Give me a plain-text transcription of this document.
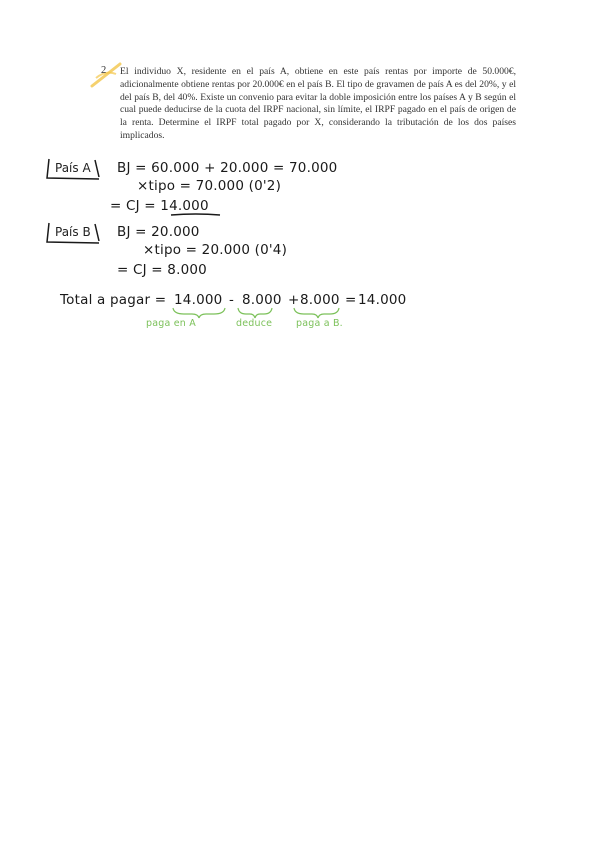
2 El individuo X, residente en el país A, obtiene en este país rentas por importe de 50.000€, adicionalmente obtiene rentas por 20.000€ en el país B. El tipo de gravamen de país A es del 20%, y el del país B, del 40%. Existe un convenio para evitar la doble imposición entre los países A y B según el cual puede deducirse de la cuota del IRPF nacional, sin límite, el IRPF pagado en el país de origen de la renta. Determine el IRPF total pagado por X, considerando la tributación de los dos países implicados.
País A BJ = 60.000 + 20.000 = 70.000
×tipo = 70.000 (0'2)
= CJ = 14.000
País B BJ = 20.000
×tipo = 20.000 (0'4)
= CJ = 8.000
Total a pagar = 14.000 - 8.000 + 8.000 = 14.000
paga en A	deduce	paga a B.
